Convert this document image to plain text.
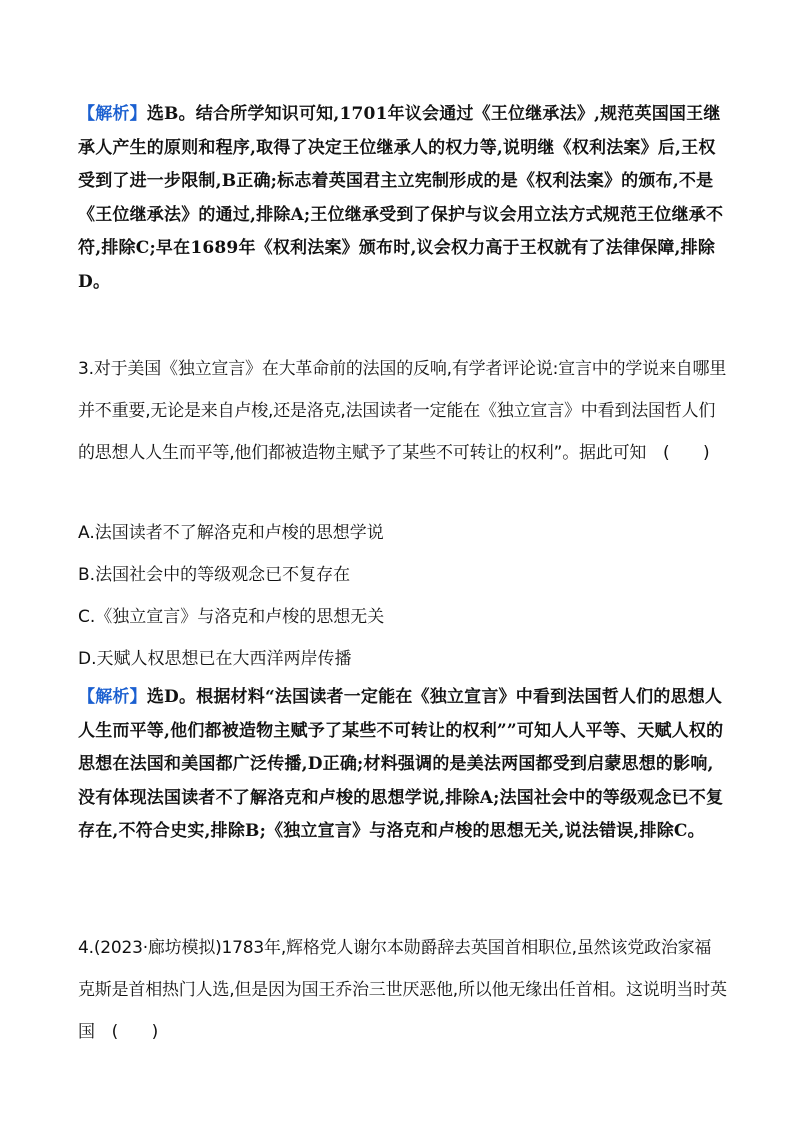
【解析】选B。结合所学知识可知,1701年议会通过《王位继承法》,规范英国国王继承人产生的原则和程序,取得了决定王位继承人的权力等,说明继《权利法案》后,王权受到了进一步限制,B正确;标志着英国君主立宪制形成的是《权利法案》的颁布,不是《王位继承法》的通过,排除A;王位继承受到了保护与议会用立法方式规范王位继承不符,排除C;早在1689年《权利法案》颁布时,议会权力高于王权就有了法律保障,排除D。

3.对于美国《独立宣言》在大革命前的法国的反响,有学者评论说:宣言中的学说来自哪里并不重要,无论是来自卢梭,还是洛克,法国读者一定能在《独立宣言》中看到法国哲人们的思想人人生而平等,他们都被造物主赋予了某些不可转让的权利”。据此可知　(　　)

A.法国读者不了解洛克和卢梭的思想学说
B.法国社会中的等级观念已不复存在
C.《独立宣言》与洛克和卢梭的思想无关
D.天赋人权思想已在大西洋两岸传播

【解析】选D。根据材料“法国读者一定能在《独立宣言》中看到法国哲人们的思想人人生而平等,他们都被造物主赋予了某些不可转让的权利””可知人人平等、天赋人权的思想在法国和美国都广泛传播,D正确;材料强调的是美法两国都受到启蒙思想的影响,没有体现法国读者不了解洛克和卢梭的思想学说,排除A;法国社会中的等级观念已不复存在,不符合史实,排除B;《独立宣言》与洛克和卢梭的思想无关,说法错误,排除C。

4.(2023·廊坊模拟)1783年,辉格党人谢尔本勋爵辞去英国首相职位,虽然该党政治家福克斯是首相热门人选,但是因为国王乔治三世厌恶他,所以他无缘出任首相。这说明当时英国　(　　)
